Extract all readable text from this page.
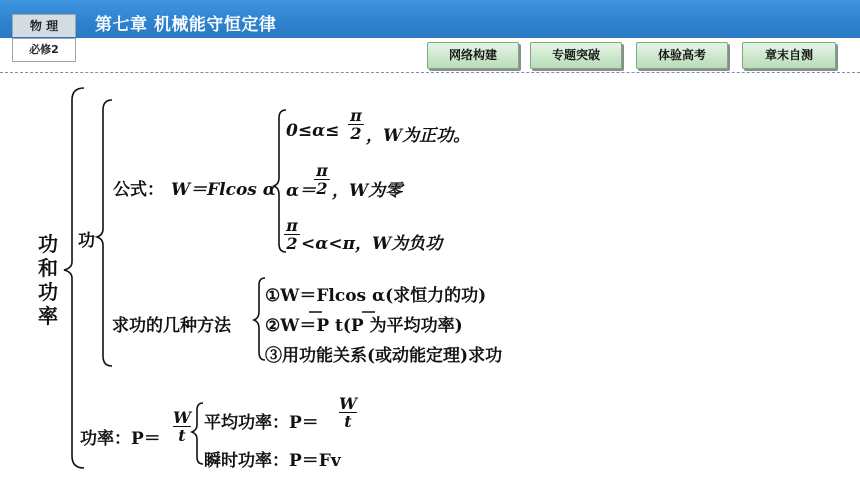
物 理	第七章 机械能守恒定律
必修2	网络构建	专题突破	体验高考	章末自测
功
和
功
率
功
公式： W＝Flcos α
0≤α≤
π
2 ，W为正功。
α＝
π
2 ，W为零
π
2 <α<π，W为负功
求功的几种方法
①W＝Flcos α(求恒力的功)
②W＝P t(P 为平均功率)
③用功能关系(或动能定理)求功
功率：P＝
W
t
平均功率：P＝
W
t
瞬时功率：P＝Fv
